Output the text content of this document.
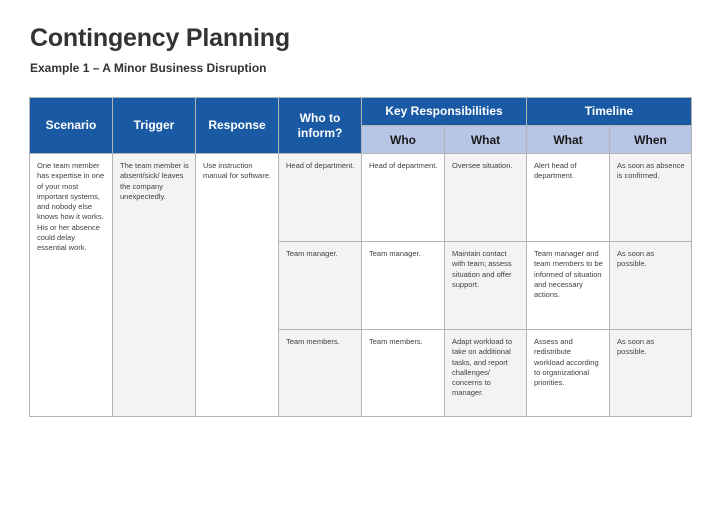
Contingency Planning
Example 1 – A Minor Business Disruption
Scenario	Trigger	Response	Who to inform?	Key Responsibilities		Timeline	
				Who	What	What	When
One team member has expertise in one of your most important systems, and nobody else knows how it works. His or her absence could delay essential work.	The team member is absent/sick/ leaves the company unexpectedly.	Use instruction manual for software.	Head of department.	Head of department.	Oversee situation.	Alert head of department.	As soon as absence is confirmed.
			Team manager.	Team manager.	Maintain contact with team; assess situation and offer support.	Team manager and team members to be informed of situation and necessary actions.	As soon as possible.
			Team members.	Team members.	Adapt workload to take on additional tasks, and report challenges/ concerns to manager.	Assess and redistribute workload according to organizational priorities.	As soon as possible.
